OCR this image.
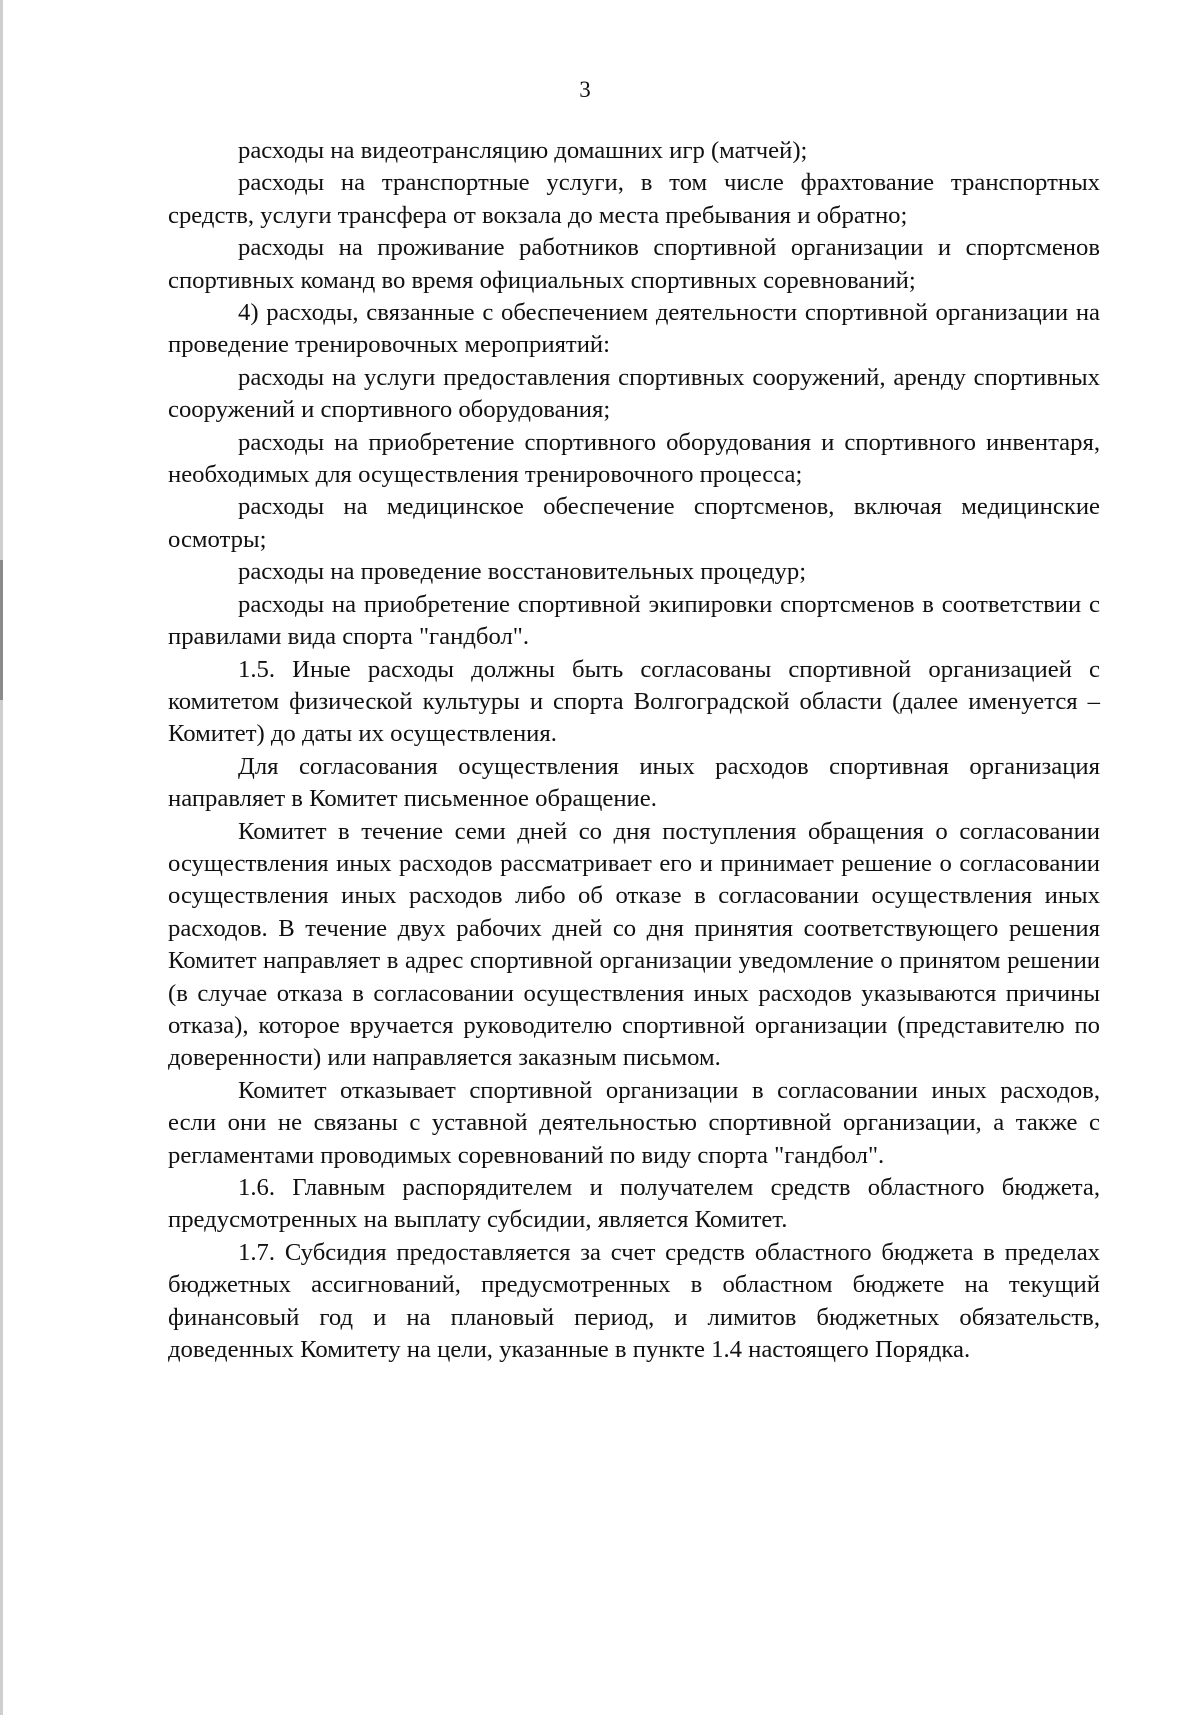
3

расходы на видеотрансляцию домашних игр (матчей);

расходы на транспортные услуги, в том числе фрахтование транспортных средств, услуги трансфера от вокзала до места пребывания и обратно;

расходы на проживание работников спортивной организации и спортсменов спортивных команд во время официальных спортивных соревнований;

4) расходы, связанные с обеспечением деятельности спортивной организации на проведение тренировочных мероприятий:

расходы на услуги предоставления спортивных сооружений, аренду спортивных сооружений и спортивного оборудования;

расходы на приобретение спортивного оборудования и спортивного инвентаря, необходимых для осуществления тренировочного процесса;

расходы на медицинское обеспечение спортсменов, включая медицинские осмотры;

расходы на проведение восстановительных процедур;

расходы на приобретение спортивной экипировки спортсменов в соответствии с правилами вида спорта "гандбол".

1.5. Иные расходы должны быть согласованы спортивной организацией с комитетом физической культуры и спорта Волгоградской области (далее именуется – Комитет) до даты их осуществления.

Для согласования осуществления иных расходов спортивная организация направляет в Комитет письменное обращение.

Комитет в течение семи дней со дня поступления обращения о согласовании осуществления иных расходов рассматривает его и принимает решение о согласовании осуществления иных расходов либо об отказе в согласовании осуществления иных расходов. В течение двух рабочих дней со дня принятия соответствующего решения Комитет направляет в адрес спортивной организации уведомление о принятом решении (в случае отказа в согласовании осуществления иных расходов указываются причины отказа), которое вручается руководителю спортивной организации (представителю по доверенности) или направляется заказным письмом.

Комитет отказывает спортивной организации в согласовании иных расходов, если они не связаны с уставной деятельностью спортивной организации, а также с регламентами проводимых соревнований по виду спорта "гандбол".

1.6. Главным распорядителем и получателем средств областного бюджета, предусмотренных на выплату субсидии, является Комитет.

1.7. Субсидия предоставляется за счет средств областного бюджета в пределах бюджетных ассигнований, предусмотренных в областном бюджете на текущий финансовый год и на плановый период, и лимитов бюджетных обязательств, доведенных Комитету на цели, указанные в пункте 1.4 настоящего Порядка.
